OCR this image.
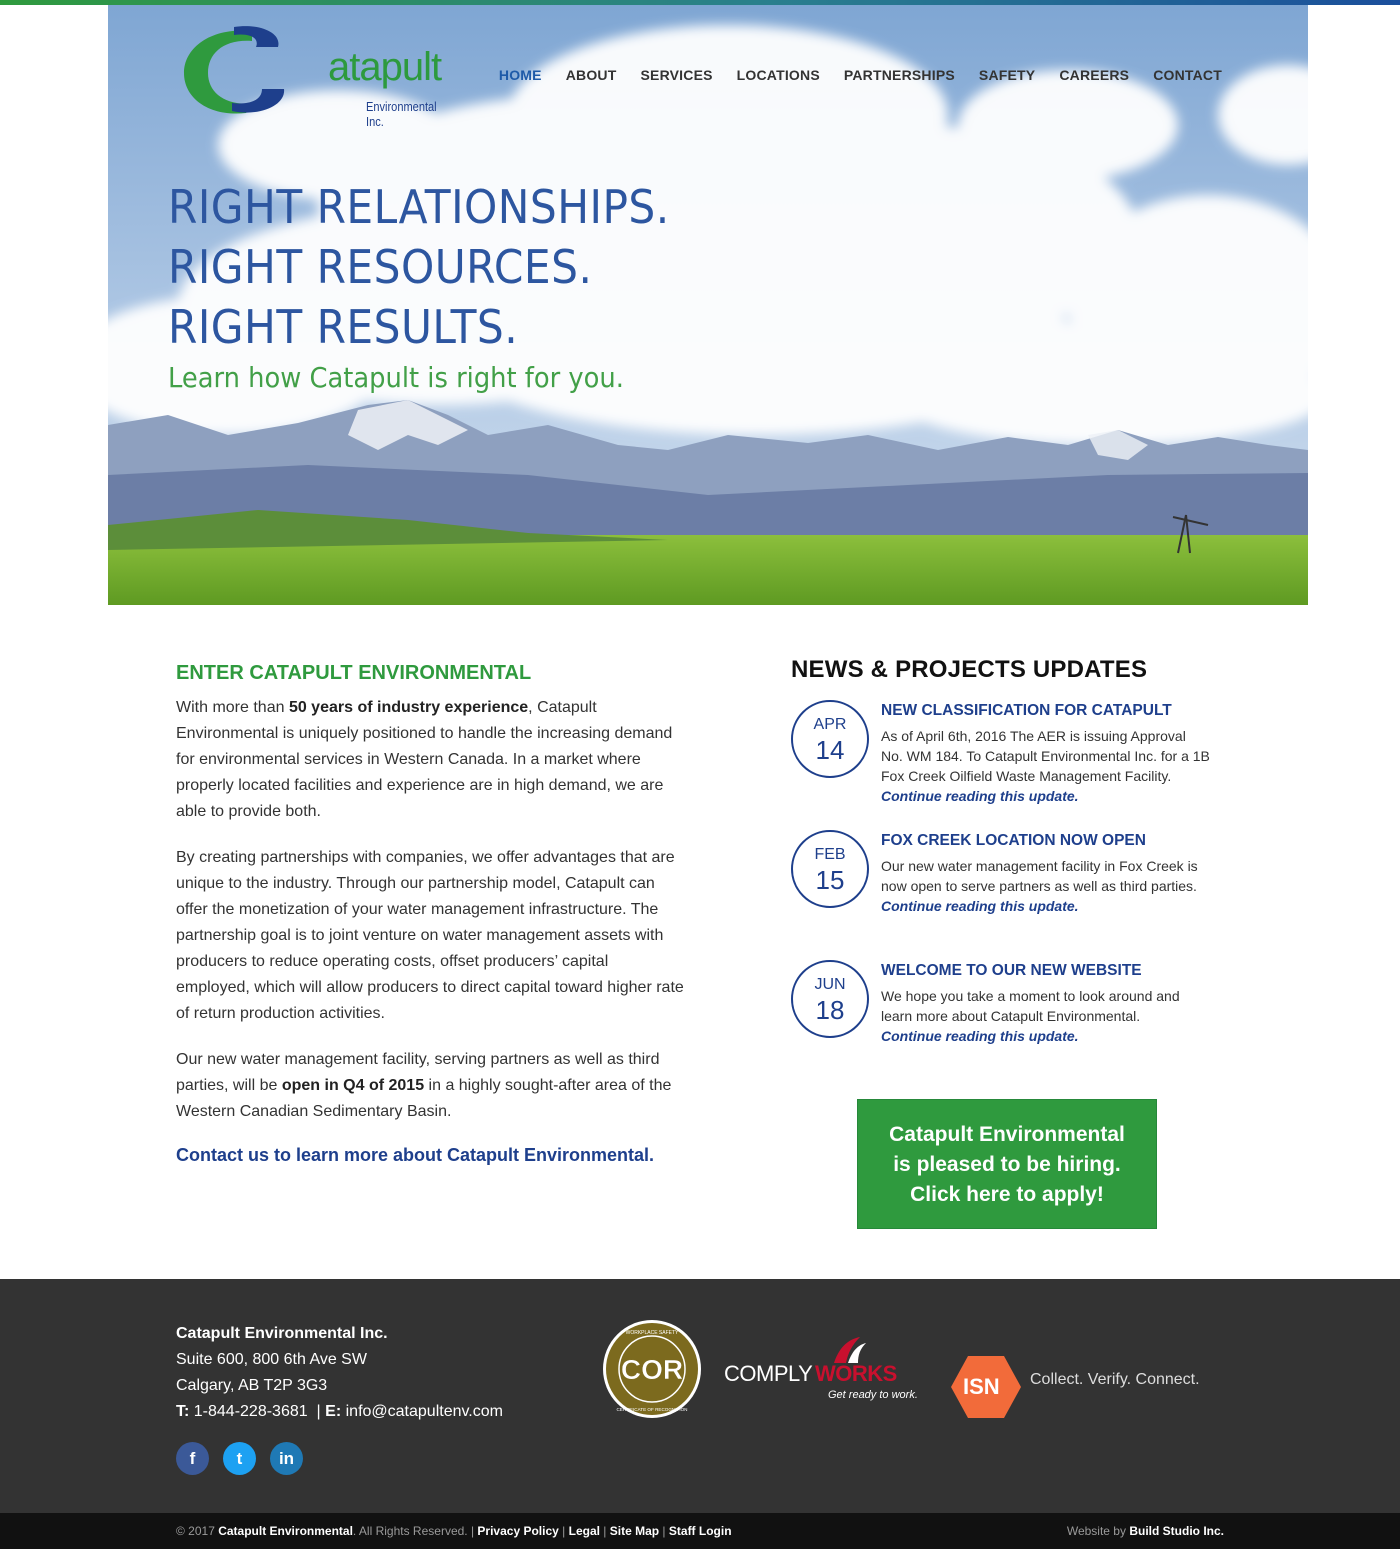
atapult
Environmental Inc.
HOME ABOUT SERVICES LOCATIONS PARTNERSHIPS SAFETY CAREERS CONTACT
RIGHT RELATIONSHIPS.
RIGHT RESOURCES.
RIGHT RESULTS.
Learn how Catapult is right for you.
ENTER CATAPULT ENVIRONMENTAL

With more than 50 years of industry experience, Catapult Environmental is uniquely positioned to handle the increasing demand for environmental services in Western Canada. In a market where properly located facilities and experience are in high demand, we are able to provide both.

By creating partnerships with companies, we offer advantages that are unique to the industry. Through our partnership model, Catapult can offer the monetization of your water management infrastructure. The partnership goal is to joint venture on water management assets with producers to reduce operating costs, offset producers’ capital employed, which will allow producers to direct capital toward higher rate of return production activities.

Our new water management facility, serving partners as well as third parties, will be open in Q4 of 2015 in a highly sought-after area of the Western Canadian Sedimentary Basin.

Contact us to learn more about Catapult Environmental.
NEWS & PROJECTS UPDATES
APR
14
NEW CLASSIFICATION FOR CATAPULT

As of April 6th, 2016 The AER is issuing Approval No. WM 184. To Catapult Environmental Inc. for a 1B Fox Creek Oilfield Waste Management Facility.

Continue reading this update.
FEB
15
FOX CREEK LOCATION NOW OPEN

Our new water management facility in Fox Creek is now open to serve partners as well as third parties.

Continue reading this update.
JUN
18
WELCOME TO OUR NEW WEBSITE

We hope you take a moment to look around and learn more about Catapult Environmental.

Continue reading this update.
Catapult Environmental
is pleased to be hiring.
Click here to apply!
Catapult Environmental Inc.
Suite 600, 800 6th Ave SW
Calgary, AB T2P 3G3
T: 1-844-228-3681  | E: info@catapultenv.com
f	t	in
COR
WORKPLACE SAFETY
CERTIFICATE OF RECOGNITION
COMPLY WORKS
Get ready to work. ISN Collect. Verify. Connect.
© 2017 Catapult Environmental. All Rights Reserved. | Privacy Policy | Legal | Site Map | Staff Login	Website by Build Studio Inc.
